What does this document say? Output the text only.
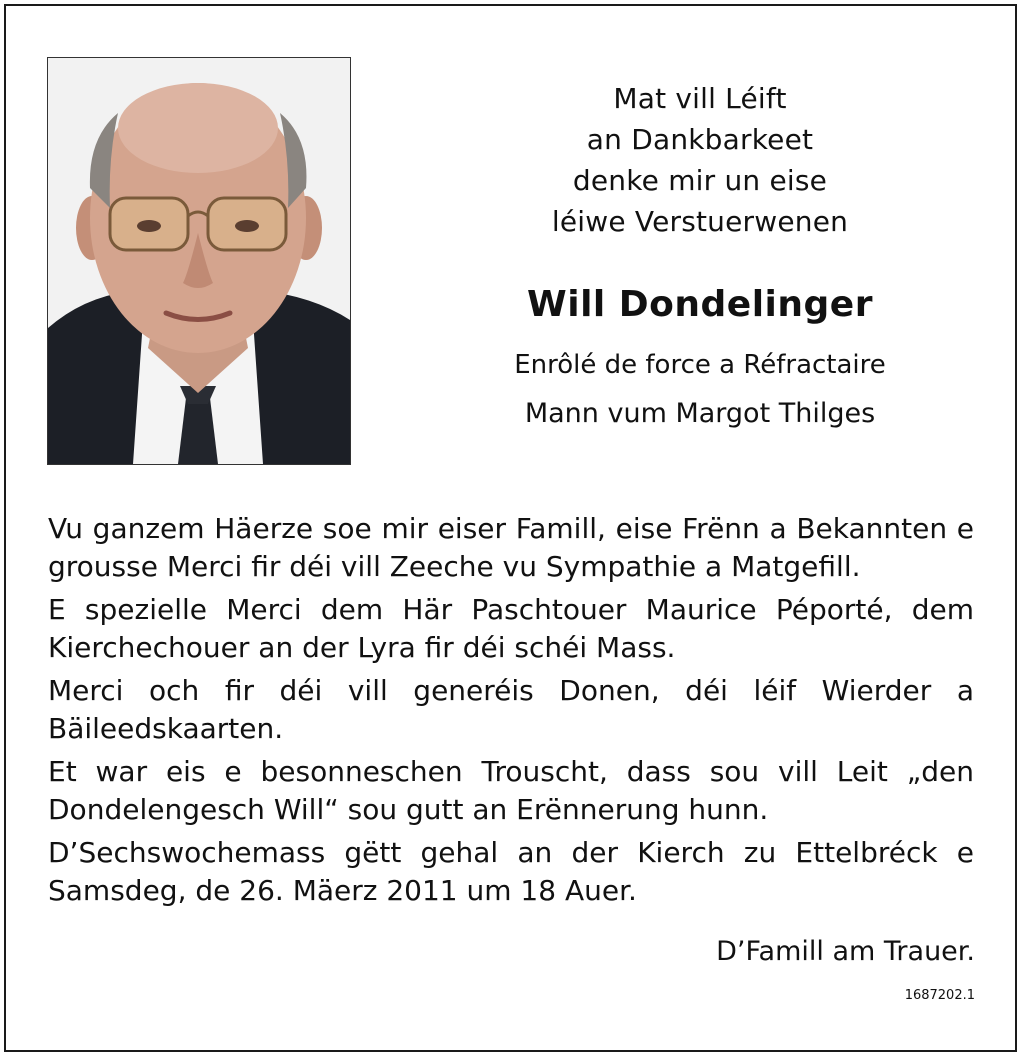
Mat vill Léift
an Dankbarkeet
denke mir un eise
léiwe Verstuerwenen
Will Dondelinger
Enrôlé de force a Réfractaire
Mann vum Margot Thilges

Vu ganzem Häerze soe mir eiser Famill, eise Frënn a Bekannten e grousse Merci fir déi vill Zeeche vu Sympathie a Matgefill.

E spezielle Merci dem Här Paschtouer Maurice Péporté, dem Kierchechouer an der Lyra fir déi schéi Mass.

Merci och fir déi vill generéis Donen, déi léif Wierder a Bäileedskaarten.

Et war eis e besonneschen Trouscht, dass sou vill Leit „den Dondelengesch Will“ sou gutt an Erënnerung hunn.

D’Sechswochemass gëtt gehal an der Kierch zu Ettelbréck e Samsdeg, de 26. Mäerz 2011 um 18 Auer.

D’Famill am Trauer.
1687202.1
